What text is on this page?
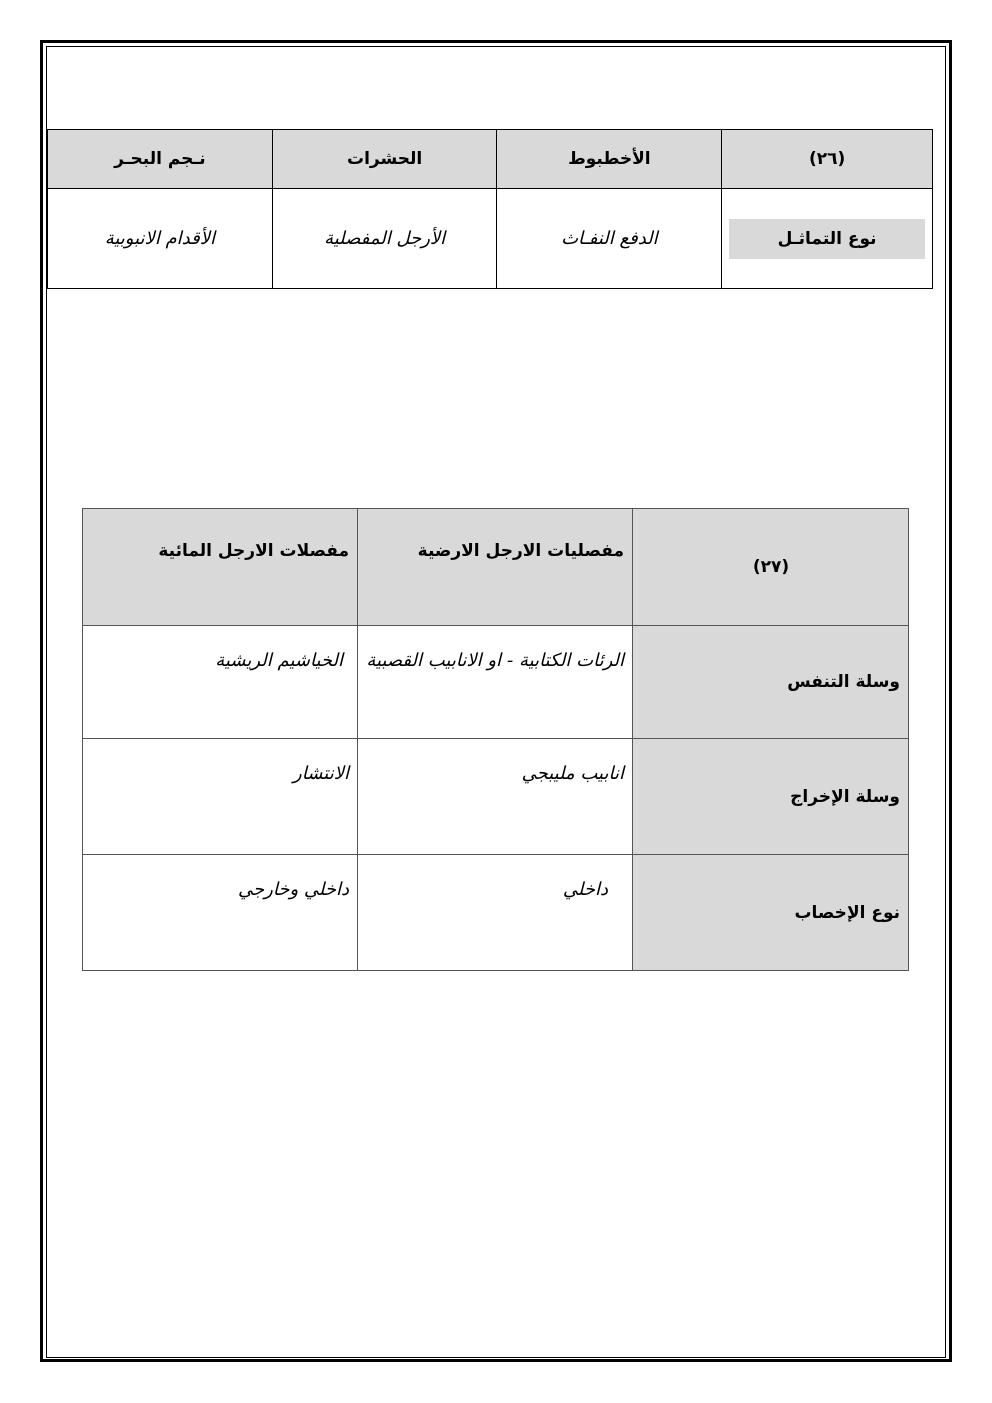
(٢٦)	الأخطبوط	الحشرات	نـجم البحـر

نوع التماثـل	الدفع النفـاث	الأرجل المفصلية	الأقدام الانبوبية
(٢٧)	مفصليات الارجل الارضية	مفصلات الارجل المائية
وسلة التنفس	الرئات الكتابية - او الانابيب القصبية	الخياشيم الريشية
وسلة الإخراج	انابيب مليبجي	الانتشار
نوع الإخصاب	داخلي	داخلي وخارجي
